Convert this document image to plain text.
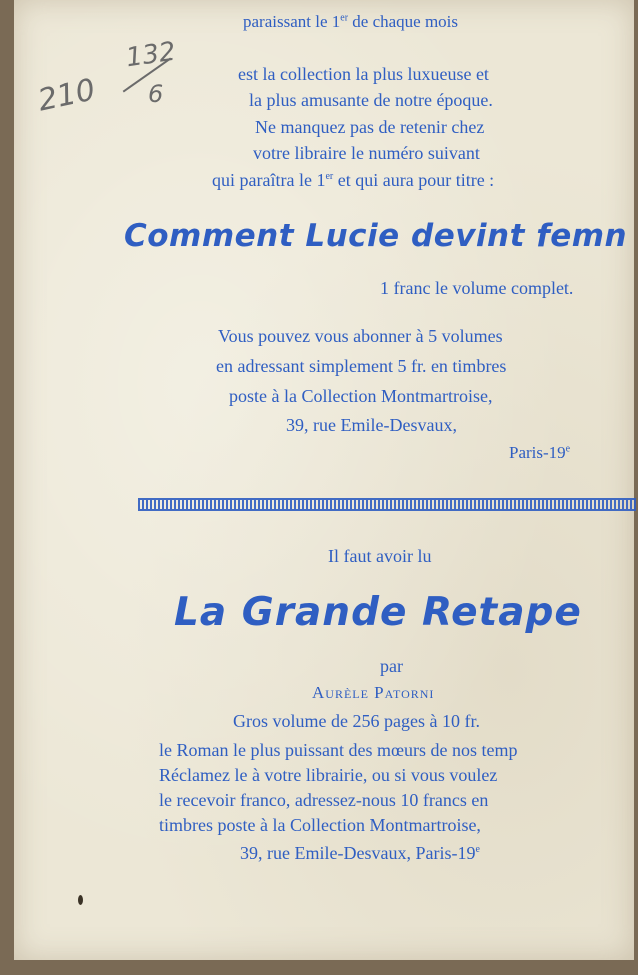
210
132
6
paraissant le 1er de chaque mois
est la collection la plus luxueuse et
la plus amusante de notre époque.
Ne manquez pas de retenir chez
votre libraire le numéro suivant
qui paraîtra le 1er et qui aura pour titre :
Comment Lucie devint femn
1 franc le volume complet.
Vous pouvez vous abonner à 5 volumes
en adressant simplement 5 fr. en timbres
poste à la Collection Montmartroise,
39, rue Emile-Desvaux,
Paris-19e
Il faut avoir lu
La Grande Retape
par
Aurèle Patorni
Gros volume de 256 pages à 10 fr.
le Roman le plus puissant des mœurs de nos temp
Réclamez le à votre librairie, ou si vous voulez
le recevoir franco, adressez-nous 10 francs en
timbres poste à la Collection Montmartroise,
39, rue Emile-Desvaux, Paris-19e
